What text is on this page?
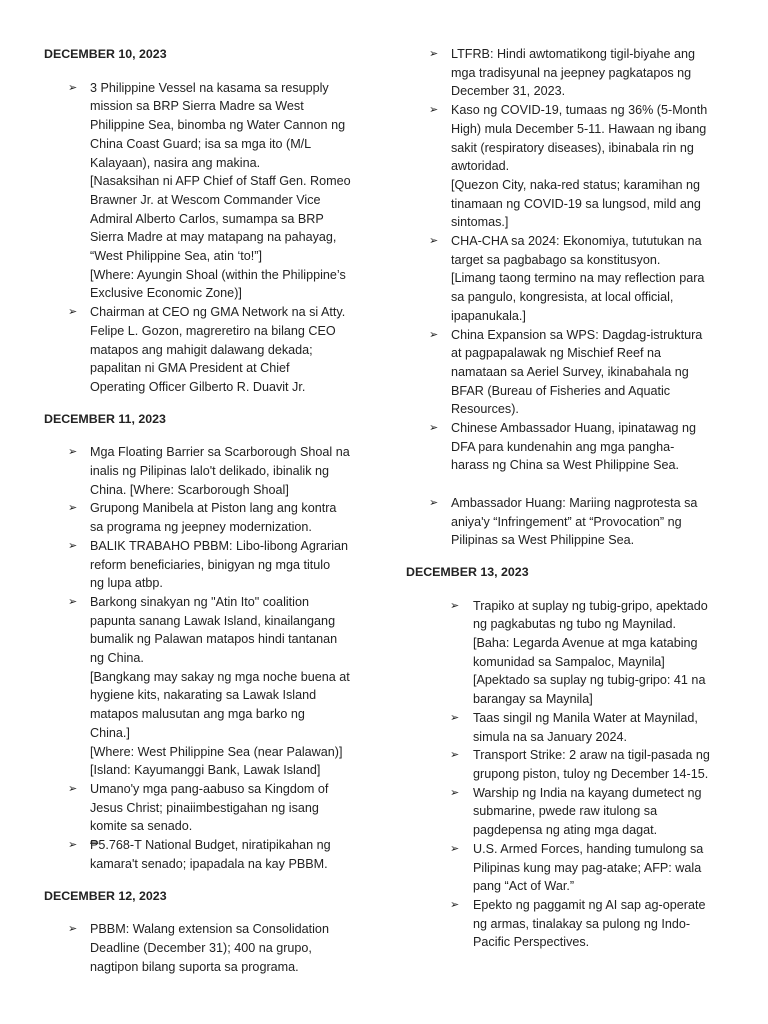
DECEMBER 10, 2023
➢ 3 Philippine Vessel na kasama sa resupply
mission sa BRP Sierra Madre sa West
Philippine Sea, binomba ng Water Cannon ng
China Coast Guard; isa sa mga ito (M/L
Kalayaan), nasira ang makina.
[Nasaksihan ni AFP Chief of Staff Gen. Romeo
Brawner Jr. at Wescom Commander Vice
Admiral Alberto Carlos, sumampa sa BRP
Sierra Madre at may matapang na pahayag,
“West Philippine Sea, atin ‘to!”]
[Where: Ayungin Shoal (within the Philippine’s
Exclusive Economic Zone)]
➢ Chairman at CEO ng GMA Network na si Atty.
Felipe L. Gozon, magreretiro na bilang CEO
matapos ang mahigit dalawang dekada;
papalitan ni GMA President at Chief
Operating Officer Gilberto R. Duavit Jr.
DECEMBER 11, 2023
➢ Mga Floating Barrier sa Scarborough Shoal na
inalis ng Pilipinas lalo't delikado, ibinalik ng
China. [Where: Scarborough Shoal]
➢ Grupong Manibela at Piston lang ang kontra
sa programa ng jeepney modernization.
➢ BALIK TRABAHO PBBM: Libo-libong Agrarian
reform beneficiaries, binigyan ng mga titulo
ng lupa atbp.
➢ Barkong sinakyan ng "Atin Ito" coalition
papunta sanang Lawak Island, kinailangang
bumalik ng Palawan matapos hindi tantanan
ng China.
[Bangkang may sakay ng mga noche buena at
hygiene kits, nakarating sa Lawak Island
matapos malusutan ang mga barko ng
China.]
[Where: West Philippine Sea (near Palawan)]
[Island: Kayumanggi Bank, Lawak Island]
➢ Umano'y mga pang-aabuso sa Kingdom of
Jesus Christ; pinaiimbestigahan ng isang
komite sa senado.
➢ ₱5.768-T National Budget, niratipikahan ng
kamara't senado; ipapadala na kay PBBM.
DECEMBER 12, 2023
➢ PBBM: Walang extension sa Consolidation
Deadline (December 31); 400 na grupo,
nagtipon bilang suporta sa programa.
➢ LTFRB: Hindi awtomatikong tigil-biyahe ang
mga tradisyunal na jeepney pagkatapos ng
December 31, 2023.
➢ Kaso ng COVID-19, tumaas ng 36% (5-Month
High) mula December 5-11. Hawaan ng ibang
sakit (respiratory diseases), ibinabala rin ng
awtoridad.
[Quezon City, naka-red status; karamihan ng
tinamaan ng COVID-19 sa lungsod, mild ang
sintomas.]
➢ CHA-CHA sa 2024: Ekonomiya, tututukan na
target sa pagbabago sa konstitusyon.
[Limang taong termino na may reflection para
sa pangulo, kongresista, at local official,
ipapanukala.]
➢ China Expansion sa WPS: Dagdag-istruktura
at pagpapalawak ng Mischief Reef na
namataan sa Aeriel Survey, ikinabahala ng
BFAR (Bureau of Fisheries and Aquatic
Resources).
➢ Chinese Ambassador Huang, ipinatawag ng
DFA para kundenahin ang mga pangha-
harass ng China sa West Philippine Sea.
➢ Ambassador Huang: Mariing nagprotesta sa
aniya'y “Infringement” at “Provocation” ng
Pilipinas sa West Philippine Sea.
DECEMBER 13, 2023
➢ Trapiko at suplay ng tubig-gripo, apektado
ng pagkabutas ng tubo ng Maynilad.
[Baha: Legarda Avenue at mga katabing
komunidad sa Sampaloc, Maynila]
[Apektado sa suplay ng tubig-gripo: 41 na
barangay sa Maynila]
➢ Taas singil ng Manila Water at Maynilad,
simula na sa January 2024.
➢ Transport Strike: 2 araw na tigil-pasada ng
grupong piston, tuloy ng December 14-15.
➢ Warship ng India na kayang dumetect ng
submarine, pwede raw itulong sa
pagdepensa ng ating mga dagat.
➢ U.S. Armed Forces, handing tumulong sa
Pilipinas kung may pag-atake; AFP: wala
pang “Act of War.”
➢ Epekto ng paggamit ng AI sap ag-operate
ng armas, tinalakay sa pulong ng Indo-
Pacific Perspectives.
